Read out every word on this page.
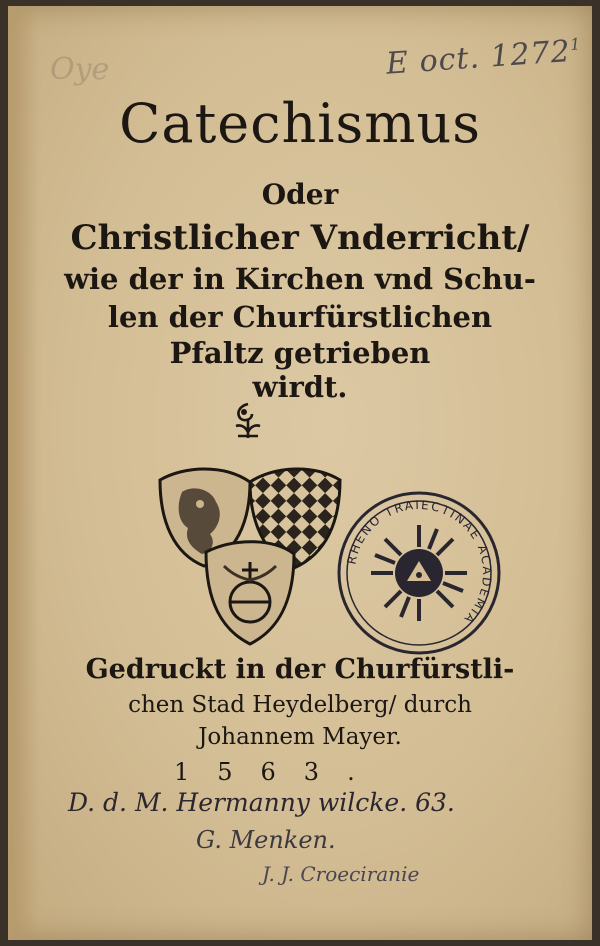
Oye	E oct. 1272$^1$
Catechismus
Oder
Christlicher Vnderricht/
wie der in Kirchen vnd Schu-
len der Churfürstlichen
Pfaltz getrieben
wirdt.
RHENO TRAIECTINAE ACADEMIA
Gedruckt in der Churfürstli-
chen Stad Heydelberg/ durch
Johannem Mayer.
1563.
D. d. M. Hermanny wilcke. 63.
G. Menken.
J. J. Croeciranie
